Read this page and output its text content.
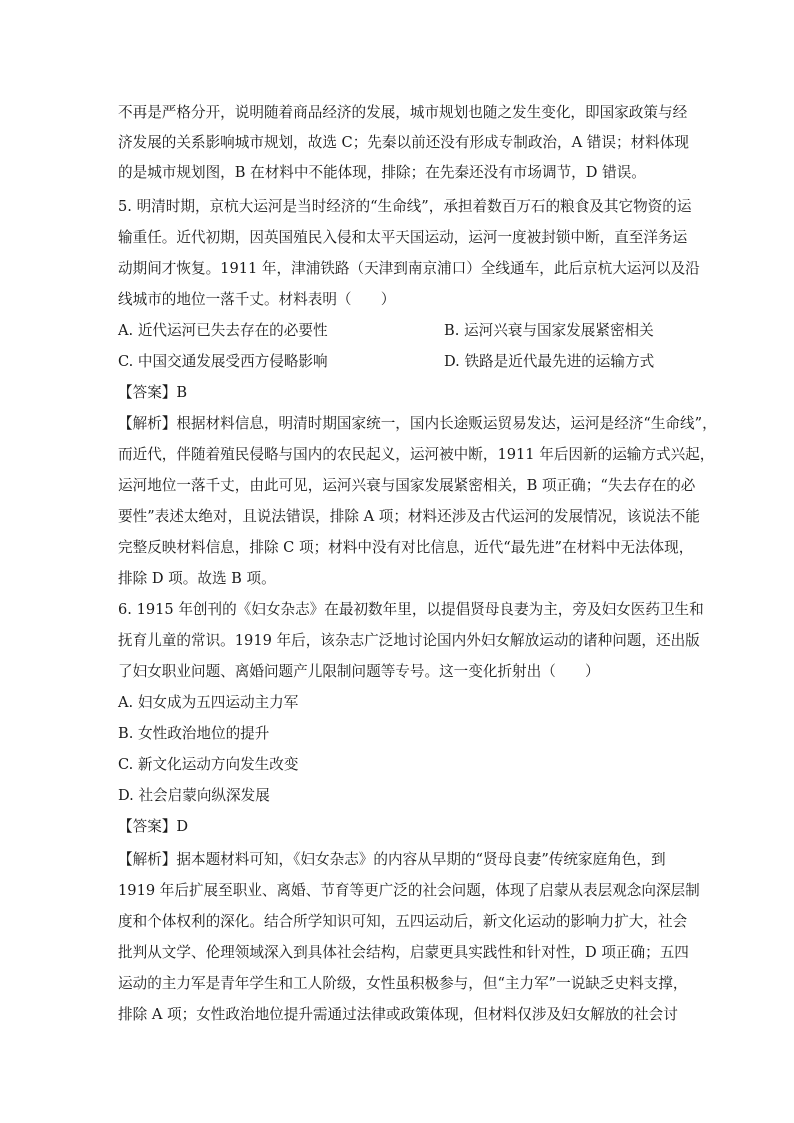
不再是严格分开，说明随着商品经济的发展，城市规划也随之发生变化，即国家政策与经
济发展的关系影响城市规划，故选 C；先秦以前还没有形成专制政治，A 错误；材料体现
的是城市规划图，B 在材料中不能体现，排除；在先秦还没有市场调节，D 错误。
5. 明清时期，京杭大运河是当时经济的“生命线”，承担着数百万石的粮食及其它物资的运
输重任。近代初期，因英国殖民入侵和太平天国运动，运河一度被封锁中断，直至洋务运
动期间才恢复。1911 年，津浦铁路（天津到南京浦口）全线通车，此后京杭大运河以及沿
线城市的地位一落千丈。材料表明（　　）
A. 近代运河已失去存在的必要性	B. 运河兴衰与国家发展紧密相关
C. 中国交通发展受西方侵略影响	D. 铁路是近代最先进的运输方式
【答案】B
【解析】根据材料信息，明清时期国家统一，国内长途贩运贸易发达，运河是经济“生命线”，
而近代，伴随着殖民侵略与国内的农民起义，运河被中断，1911 年后因新的运输方式兴起，
运河地位一落千丈，由此可见，运河兴衰与国家发展紧密相关，B 项正确；“失去存在的必
要性”表述太绝对，且说法错误，排除 A 项；材料还涉及古代运河的发展情况，该说法不能
完整反映材料信息，排除 C 项；材料中没有对比信息，近代“最先进”在材料中无法体现，
排除 D 项。故选 B 项。
6. 1915 年创刊的《妇女杂志》在最初数年里，以提倡贤母良妻为主，旁及妇女医药卫生和
抚育儿童的常识。1919 年后，该杂志广泛地讨论国内外妇女解放运动的诸种问题，还出版
了妇女职业问题、离婚问题产儿限制问题等专号。这一变化折射出（　　）
A. 妇女成为五四运动主力军
B. 女性政治地位的提升
C. 新文化运动方向发生改变
D. 社会启蒙向纵深发展
【答案】D
【解析】据本题材料可知，《妇女杂志》的内容从早期的“贤母良妻”传统家庭角色，到
1919 年后扩展至职业、离婚、节育等更广泛的社会问题，体现了启蒙从表层观念向深层制
度和个体权利的深化。结合所学知识可知，五四运动后，新文化运动的影响力扩大，社会
批判从文学、伦理领域深入到具体社会结构，启蒙更具实践性和针对性，D 项正确；五四
运动的主力军是青年学生和工人阶级，女性虽积极参与，但“主力军”一说缺乏史料支撑，
排除 A 项；女性政治地位提升需通过法律或政策体现，但材料仅涉及妇女解放的社会讨
